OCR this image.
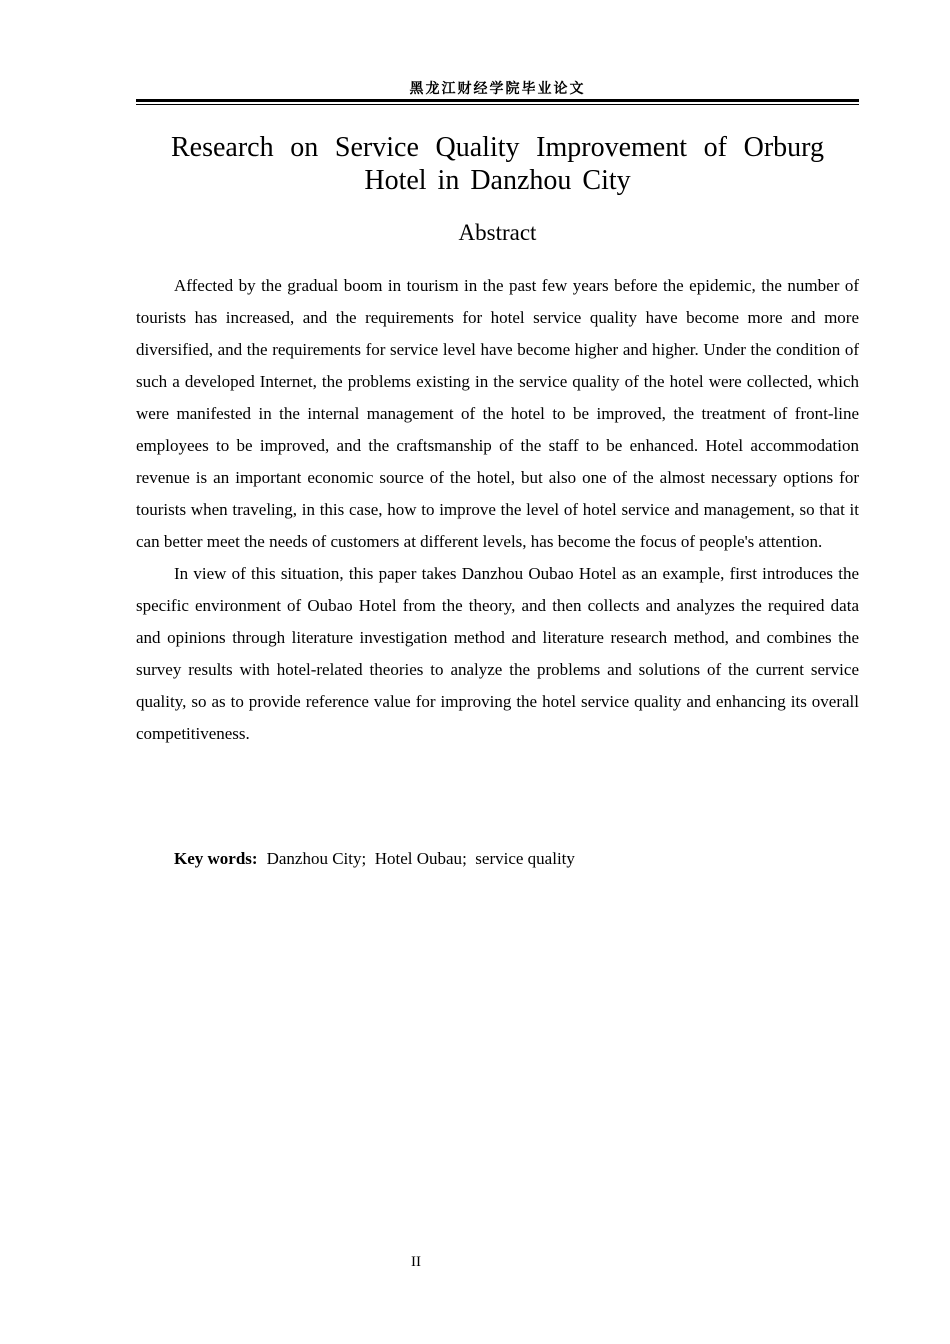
黑龙江财经学院毕业论文
Research on Service Quality Improvement of Orburg Hotel in Danzhou City
Abstract

Affected by the gradual boom in tourism in the past few years before the epidemic, the number of tourists has increased, and the requirements for hotel service quality have become more and more diversified, and the requirements for service level have become higher and higher. Under the condition of such a developed Internet, the problems existing in the service quality of the hotel were collected, which were manifested in the internal management of the hotel to be improved, the treatment of front-line employees to be improved, and the craftsmanship of the staff to be enhanced. Hotel accommodation revenue is an important economic source of the hotel, but also one of the almost necessary options for tourists when traveling, in this case, how to improve the level of hotel service and management, so that it can better meet the needs of customers at different levels, has become the focus of people's attention.

In view of this situation, this paper takes Danzhou Oubao Hotel as an example, first introduces the specific environment of Oubao Hotel from the theory, and then collects and analyzes the required data and opinions through literature investigation method and literature research method, and combines the survey results with hotel-related theories to analyze the problems and solutions of the current service quality, so as to provide reference value for improving the hotel service quality and enhancing its overall competitiveness.

Key words: Danzhou City ;  Hotel Oubau ;  service quality
II
